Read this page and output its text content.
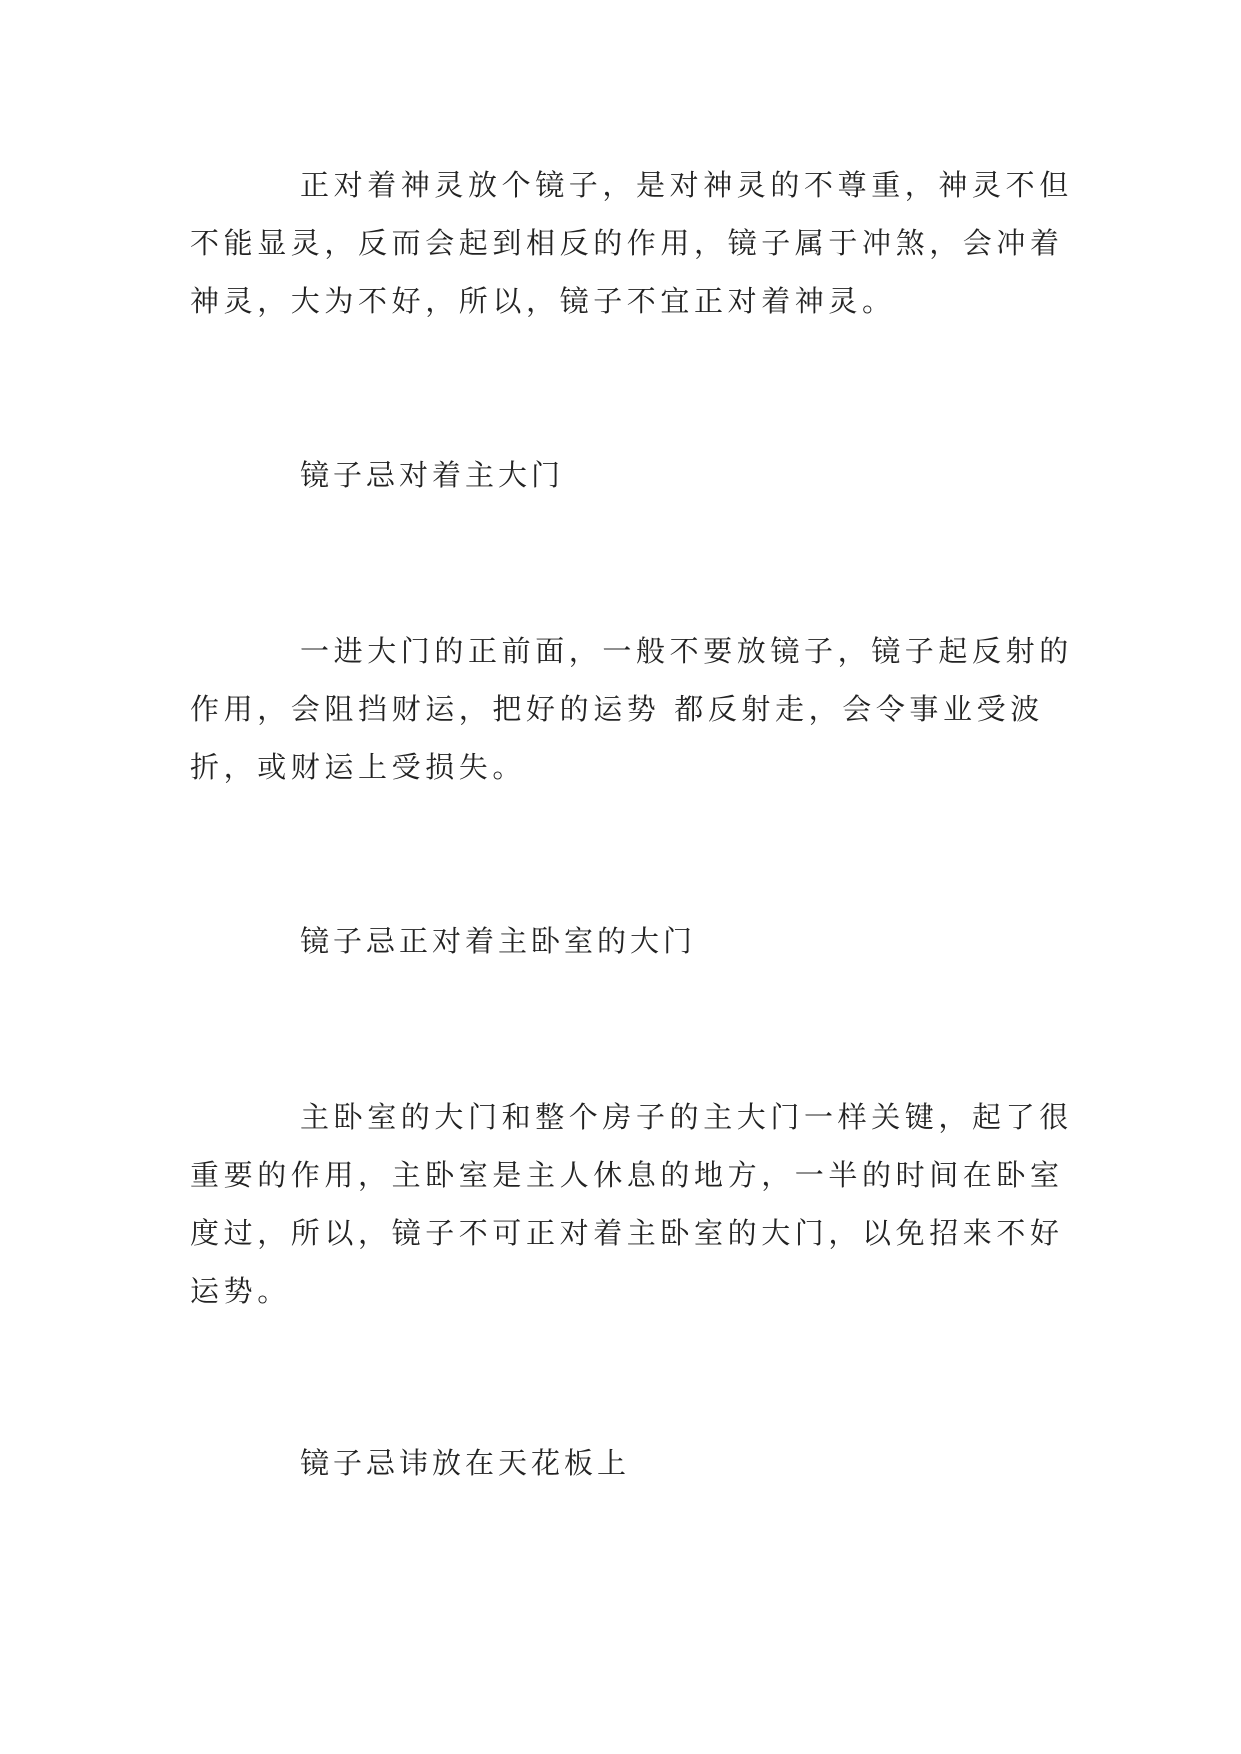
正对着神灵放个镜子，是对神灵的不尊重，神灵不但
不能显灵，反而会起到相反的作用，镜子属于冲煞，会冲着
神灵，大为不好，所以，镜子不宜正对着神灵。
镜子忌对着主大门
一进大门的正前面，一般不要放镜子，镜子起反射的
作用，会阻挡财运，把好的运势 都反射走，会令事业受波
折，或财运上受损失。
镜子忌正对着主卧室的大门
主卧室的大门和整个房子的主大门一样关键，起了很
重要的作用，主卧室是主人休息的地方，一半的时间在卧室
度过，所以，镜子不可正对着主卧室的大门，以免招来不好
运势。
镜子忌讳放在天花板上
